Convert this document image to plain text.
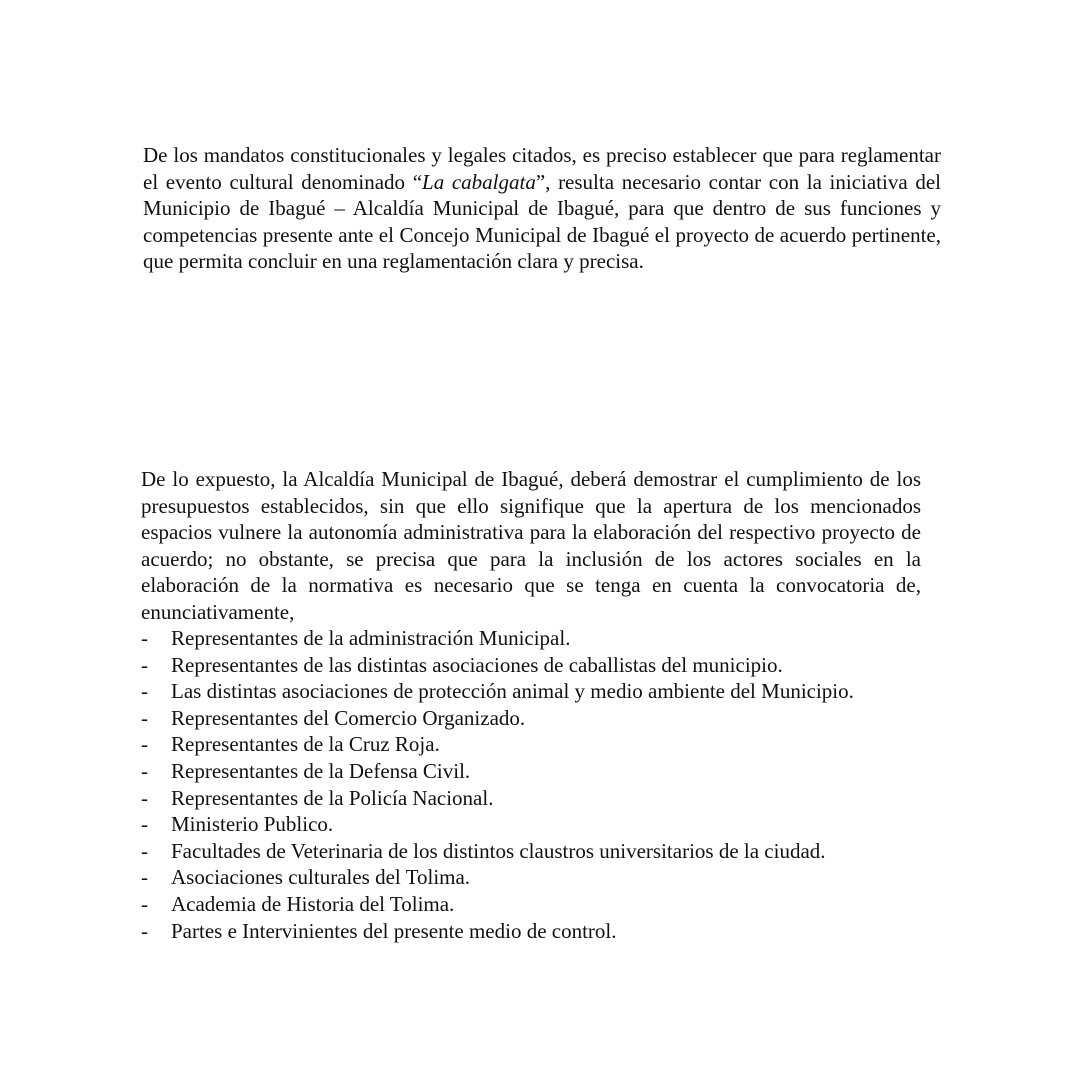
De los mandatos constitucionales y legales citados, es preciso establecer que para reglamentar el evento cultural denominado “La cabalgata”, resulta necesario contar con la iniciativa del Municipio de Ibagué – Alcaldía Municipal de Ibagué, para que dentro de sus funciones y competencias presente ante el Concejo Municipal de Ibagué el proyecto de acuerdo pertinente, que permita concluir en una reglamentación clara y precisa.

De lo expuesto, la Alcaldía Municipal de Ibagué, deberá demostrar el cumplimiento de los presupuestos establecidos, sin que ello signifique que la apertura de los mencionados espacios vulnere la autonomía administrativa para la elaboración del respectivo proyecto de acuerdo; no obstante, se precisa que para la inclusión de los actores sociales en la elaboración de la normativa es necesario que se tenga en cuenta la convocatoria de, enunciativamente,

- Representantes de la administración Municipal.
- Representantes de las distintas asociaciones de caballistas del municipio.
- Las distintas asociaciones de protección animal y medio ambiente del Municipio.
- Representantes del Comercio Organizado.
- Representantes de la Cruz Roja.
- Representantes de la Defensa Civil.
- Representantes de la Policía Nacional.
- Ministerio Publico.
- Facultades de Veterinaria de los distintos claustros universitarios de la ciudad.
- Asociaciones culturales del Tolima.
- Academia de Historia del Tolima.
- Partes e Intervinientes del presente medio de control.
